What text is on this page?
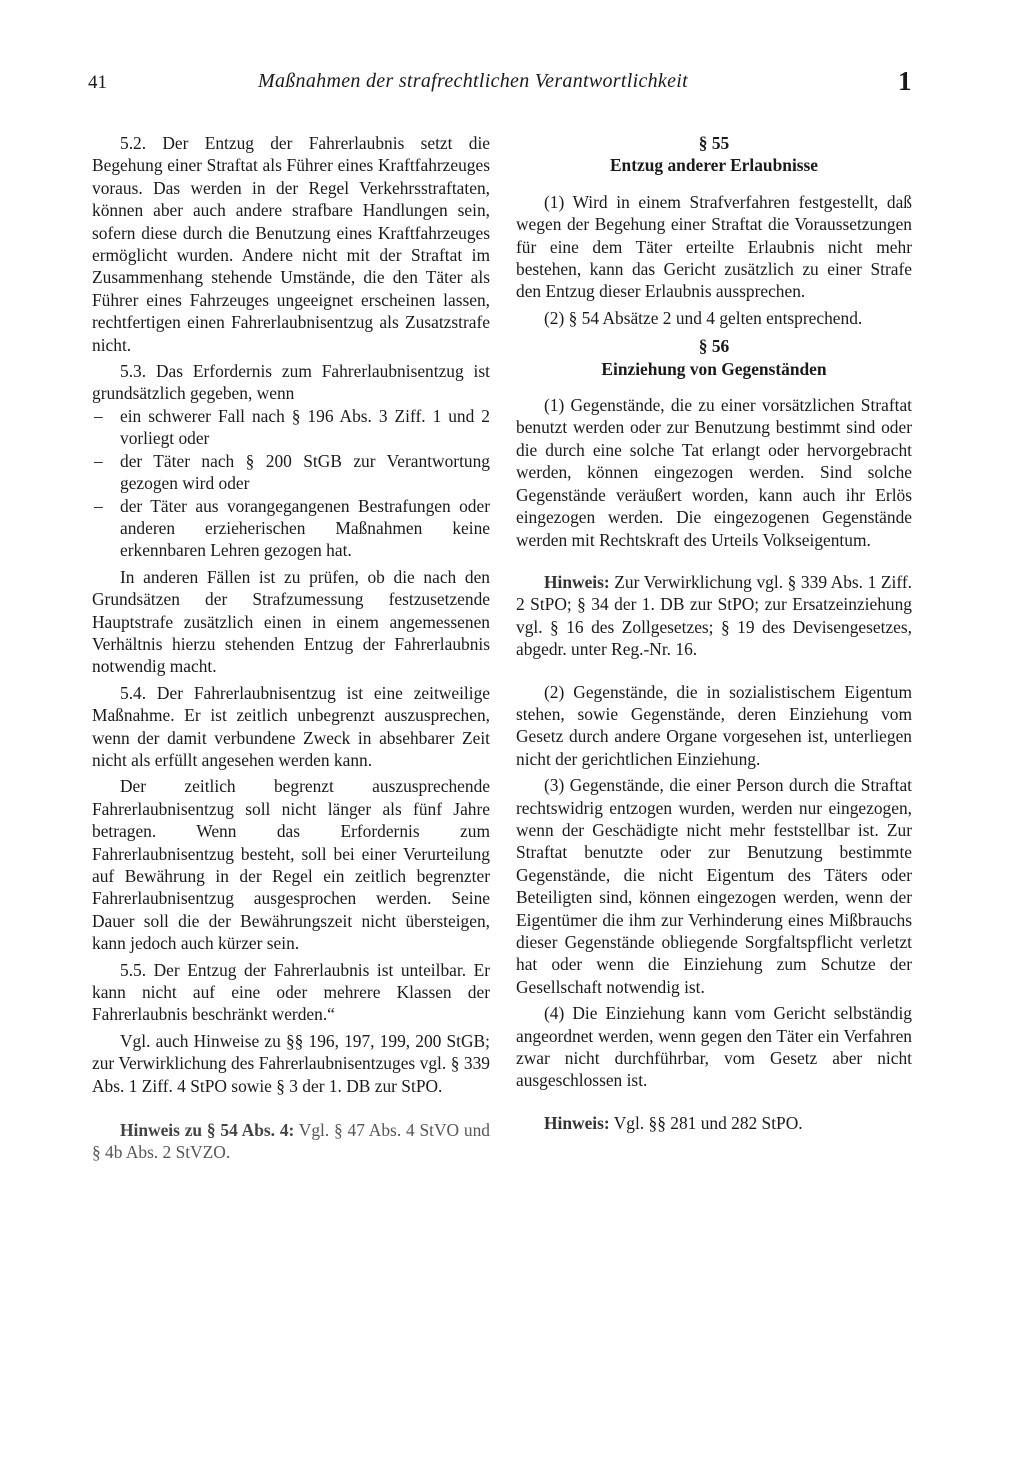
41	Maßnahmen der strafrechtlichen Verantwortlichkeit	1

5.2. Der Entzug der Fahrerlaubnis setzt die Begehung einer Straftat als Führer eines Kraftfahrzeuges voraus. Das werden in der Regel Verkehrsstraftaten, können aber auch andere strafbare Handlungen sein, sofern diese durch die Benutzung eines Kraftfahrzeuges ermöglicht wurden. Andere nicht mit der Straftat im Zusammenhang stehende Umstände, die den Täter als Führer eines Fahrzeuges ungeeignet erscheinen lassen, rechtfertigen einen Fahrerlaubnisentzug als Zusatzstrafe nicht.

5.3. Das Erfordernis zum Fahrerlaubnisentzug ist grundsätzlich gegeben, wenn

– ein schwerer Fall nach § 196 Abs. 3 Ziff. 1 und 2 vorliegt oder
– der Täter nach § 200 StGB zur Verantwortung gezogen wird oder
– der Täter aus vorangegangenen Bestrafungen oder anderen erzieherischen Maßnahmen keine erkennbaren Lehren gezogen hat.

In anderen Fällen ist zu prüfen, ob die nach den Grundsätzen der Strafzumessung festzusetzende Hauptstrafe zusätzlich einen in einem angemessenen Verhältnis hierzu stehenden Entzug der Fahrerlaubnis notwendig macht.

5.4. Der Fahrerlaubnisentzug ist eine zeitweilige Maßnahme. Er ist zeitlich unbegrenzt auszusprechen, wenn der damit verbundene Zweck in absehbarer Zeit nicht als erfüllt angesehen werden kann.

Der zeitlich begrenzt auszusprechende Fahrerlaubnisentzug soll nicht länger als fünf Jahre betragen. Wenn das Erfordernis zum Fahrerlaubnisentzug besteht, soll bei einer Verurteilung auf Bewährung in der Regel ein zeitlich begrenzter Fahrerlaubnisentzug ausgesprochen werden. Seine Dauer soll die der Bewährungszeit nicht übersteigen, kann jedoch auch kürzer sein.

5.5. Der Entzug der Fahrerlaubnis ist unteilbar. Er kann nicht auf eine oder mehrere Klassen der Fahrerlaubnis beschränkt werden.“

Vgl. auch Hinweise zu §§ 196, 197, 199, 200 StGB; zur Verwirklichung des Fahrerlaubnisentzuges vgl. § 339 Abs. 1 Ziff. 4 StPO sowie § 3 der 1. DB zur StPO.

Hinweis zu § 54 Abs. 4: Vgl. § 47 Abs. 4 StVO und § 4b Abs. 2 StVZO.

§ 55
Entzug anderer Erlaubnisse

(1) Wird in einem Strafverfahren festgestellt, daß wegen der Begehung einer Straftat die Voraussetzungen für eine dem Täter erteilte Erlaubnis nicht mehr bestehen, kann das Gericht zusätzlich zu einer Strafe den Entzug dieser Erlaubnis aussprechen.

(2) § 54 Absätze 2 und 4 gelten entsprechend.

§ 56
Einziehung von Gegenständen

(1) Gegenstände, die zu einer vorsätzlichen Straftat benutzt werden oder zur Benutzung bestimmt sind oder die durch eine solche Tat erlangt oder hervorgebracht werden, können eingezogen werden. Sind solche Gegenstände veräußert worden, kann auch ihr Erlös eingezogen werden. Die eingezogenen Gegenstände werden mit Rechtskraft des Urteils Volkseigentum.

Hinweis: Zur Verwirklichung vgl. § 339 Abs. 1 Ziff. 2 StPO; § 34 der 1. DB zur StPO; zur Ersatzeinziehung vgl. § 16 des Zollgesetzes; § 19 des Devisengesetzes, abgedr. unter Reg.-Nr. 16.

(2) Gegenstände, die in sozialistischem Eigentum stehen, sowie Gegenstände, deren Einziehung vom Gesetz durch andere Organe vorgesehen ist, unterliegen nicht der gerichtlichen Einziehung.

(3) Gegenstände, die einer Person durch die Straftat rechtswidrig entzogen wurden, werden nur eingezogen, wenn der Geschädigte nicht mehr feststellbar ist. Zur Straftat benutzte oder zur Benutzung bestimmte Gegenstände, die nicht Eigentum des Täters oder Beteiligten sind, können eingezogen werden, wenn der Eigentümer die ihm zur Verhinderung eines Mißbrauchs dieser Gegenstände obliegende Sorgfaltspflicht verletzt hat oder wenn die Einziehung zum Schutze der Gesellschaft notwendig ist.

(4) Die Einziehung kann vom Gericht selbständig angeordnet werden, wenn gegen den Täter ein Verfahren zwar nicht durchführbar, vom Gesetz aber nicht ausgeschlossen ist.

Hinweis: Vgl. §§ 281 und 282 StPO.
